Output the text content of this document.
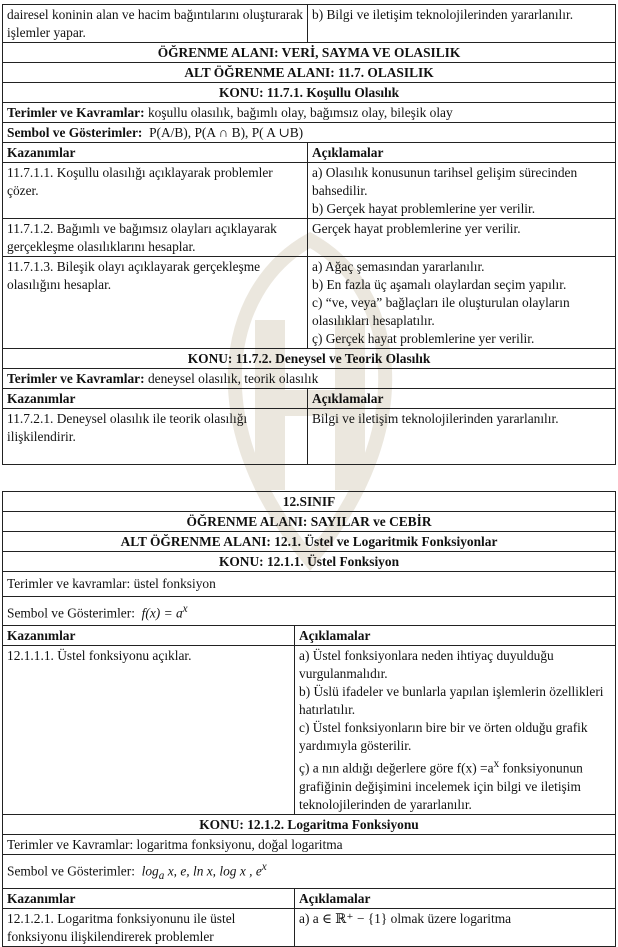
dairesel koninin alan ve hacim bağıntılarını oluşturarak işlemler yapar.	b) Bilgi ve iletişim teknolojilerinden yararlanılır.
ÖĞRENME ALANI: VERİ, SAYMA VE OLASILIK	
ALT ÖĞRENME ALANI: 11.7. OLASILIK	
KONU: 11.7.1. Koşullu Olasılık	
Terimler ve Kavramlar: koşullu olasılık, bağımlı olay, bağımsız olay, bileşik olay	
Sembol ve Gösterimler: P(A/B), P(A ∩ B), P( A ∪B)	
Kazanımlar	Açıklamalar
11.7.1.1. Koşullu olasılığı açıklayarak problemler çözer.	a) Olasılık konusunun tarihsel gelişim sürecinden bahsedilir.

b) Gerçek hayat problemlerine yer verilir.

11.7.1.2. Bağımlı ve bağımsız olayları açıklayarak gerçekleşme olasılıklarını hesaplar.	Gerçek hayat problemlerine yer verilir.
11.7.1.3. Bileşik olayı açıklayarak gerçekleşme olasılığını hesaplar.	a) Ağaç şemasından yararlanılır.

b) En fazla üç aşamalı olaylardan seçim yapılır.

c) “ve, veya” bağlaçları ile oluşturulan olayların olasılıkları hesaplatılır.

ç) Gerçek hayat problemlerine yer verilir.

KONU: 11.7.2. Deneysel ve Teorik Olasılık	
Terimler ve Kavramlar: deneysel olasılık, teorik olasılık	
Kazanımlar	Açıklamalar

11.7.2.1. Deneysel olasılık ile teorik olasılığı ilişkilendirir.	Bilgi ve iletişim teknolojilerinden yararlanılır.
12.SINIF	
ÖĞRENME ALANI: SAYILAR ve CEBİR	
ALT ÖĞRENME ALANI: 12.1. Üstel ve Logaritmik Fonksiyonlar	
KONU: 12.1.1. Üstel Fonksiyon	
Terimler ve kavramlar: üstel fonksiyon	
Sembol ve Gösterimler: $f(x) = a^x$
Kazanımlar	Açıklamalar
12.1.1.1. Üstel fonksiyonu açıklar.	a) Üstel fonksiyonlara neden ihtiyaç duyulduğu vurgulanmalıdır.

b) Üslü ifadeler ve bunlarla yapılan işlemlerin özellikleri hatırlatılır.

c) Üstel fonksiyonların bire bir ve örten olduğu grafik yardımıyla gösterilir.

ç) a nın aldığı değerlere göre $f(x) =a^x$ fonksiyonunun grafiğinin değişimini incelemek için bilgi ve iletişim teknolojilerinden de yararlanılır.

KONU: 12.1.2. Logaritma Fonksiyonu	
Terimler ve Kavramlar: logaritma fonksiyonu, doğal logaritma	
Sembol ve Gösterimler: $\log_a x$, e, ln x, log x , $e^x$
Kazanımlar	Açıklamalar
12.1.2.1. Logaritma fonksiyonunu ile üstel fonksiyonu ilişkilendirerek problemler	a) a ∈ ℝ⁺ − {1} olmak üzere logaritma
